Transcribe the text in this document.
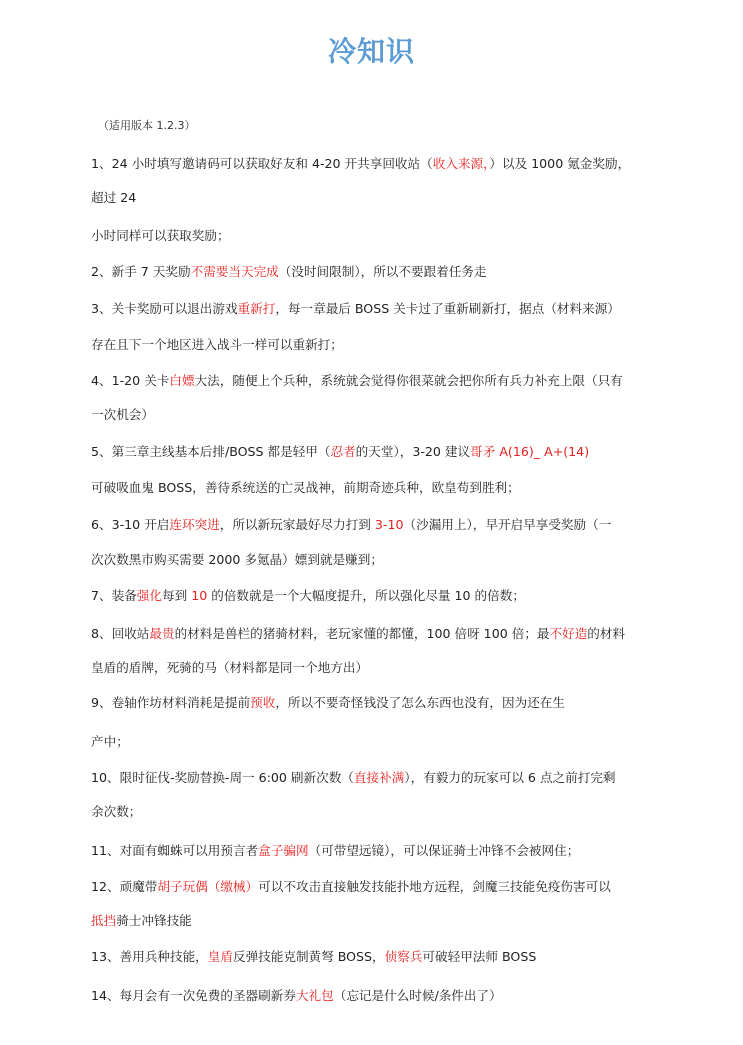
冷知识
（适用版本 1.2.3）
1、24 小时填写邀请码可以获取好友和 4-20 开共享回收站（收入来源，）以及 1000 氪金奖励，
超过 24
小时同样可以获取奖励；
2、新手 7 天奖励不需要当天完成（没时间限制），所以不要跟着任务走
3、关卡奖励可以退出游戏重新打，每一章最后 BOSS 关卡过了重新刷新打，据点（材料来源）
存在且下一个地区进入战斗一样可以重新打；
4、1-20 关卡白嫖大法，随便上个兵种，系统就会觉得你很菜就会把你所有兵力补充上限（只有
一次机会）
5、第三章主线基本后排/BOSS 都是轻甲（忍者的天堂），3-20 建议哥矛 A(16)_ A+(14)
可破吸血鬼 BOSS，善待系统送的亡灵战神，前期奇迹兵种，欧皇苟到胜利；
6、3-10 开启连环突进，所以新玩家最好尽力打到 3-10（沙漏用上），早开启早享受奖励（一
次次数黑市购买需要 2000 多氪晶）嫖到就是赚到；
7、装备强化每到 10 的倍数就是一个大幅度提升，所以强化尽量 10 的倍数；
8、回收站最贵的材料是兽栏的猪骑材料，老玩家懂的都懂，100 倍呀 100 倍；最不好造的材料
皇盾的盾牌，死骑的马（材料都是同一个地方出）
9、卷轴作坊材料消耗是提前预收，所以不要奇怪钱没了怎么东西也没有，因为还在生
产中；
10、限时征伐-奖励替换-周一 6:00 刷新次数（直接补满），有毅力的玩家可以 6 点之前打完剩
余次数；
11、对面有蜘蛛可以用预言者盒子骗网（可带望远镜），可以保证骑士冲锋不会被网住；
12、顽魔带胡子玩偶（缴械）可以不攻击直接触发技能扑地方远程，剑魔三技能免疫伤害可以
抵挡骑士冲锋技能
13、善用兵种技能，皇盾反弹技能克制黄弩 BOSS，侦察兵可破轻甲法师 BOSS
14、每月会有一次免费的圣器刷新券大礼包（忘记是什么时候/条件出了）
